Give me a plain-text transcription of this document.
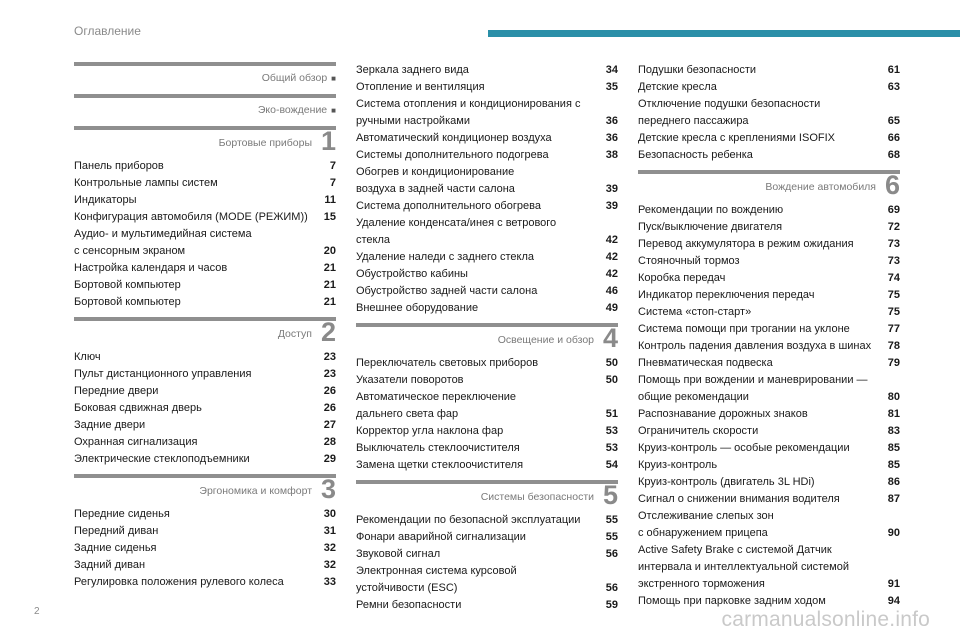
Оглавление
Общий обзор ■
Эко-вождение ■
Бортовые приборы 1
Панель приборов	7
Контрольные лампы систем	7
Индикаторы	11
Конфигурация автомобиля (MODE (РЕЖИМ))	15
Аудио- и мультимедийная система
с сенсорным экраном	20
Настройка календаря и часов	21
Бортовой компьютер	21
Бортовой компьютер	21
Доступ 2
Ключ	23
Пульт дистанционного управления	23
Передние двери	26
Боковая сдвижная дверь	26
Задние двери	27
Охранная сигнализация	28
Электрические стеклоподъемники	29
Эргономика и комфорт 3
Передние сиденья	30
Передний диван	31
Задние сиденья	32
Задний диван	32
Регулировка положения рулевого колеса	33
Зеркала заднего вида	34
Отопление и вентиляция	35
Система отопления и кондиционирования с
ручными настройками	36
Автоматический кондиционер воздуха	36
Системы дополнительного подогрева	38
Обогрев и кондиционирование
воздуха в задней части салона	39
Система дополнительного обогрева	39
Удаление конденсата/инея с ветрового стекла	42
Удаление наледи с заднего стекла	42
Обустройство кабины	42
Обустройство задней части салона	46
Внешнее оборудование	49
Освещение и обзор 4
Переключатель световых приборов	50
Указатели поворотов	50
Автоматическое переключение
дальнего света фар	51
Корректор угла наклона фар	53
Выключатель стеклоочистителя	53
Замена щетки стеклоочистителя	54
Системы безопасности 5
Рекомендации по безопасной эксплуатации	55
Фонари аварийной сигнализации	55
Звуковой сигнал	56
Электронная система курсовой
устойчивости (ESC)	56
Ремни безопасности	59
Подушки безопасности	61
Детские кресла	63
Отключение подушки безопасности
переднего пассажира	65
Детские кресла с креплениями ISOFIX	66
Безопасность ребенка	68
Вождение автомобиля 6
Рекомендации по вождению	69
Пуск/выключение двигателя	72
Перевод аккумулятора в режим ожидания	73
Стояночный тормоз	73
Коробка передач	74
Индикатор переключения передач	75
Система «стоп-старт»	75
Система помощи при трогании на уклоне	77
Контроль падения давления воздуха в шинах	78
Пневматическая подвеска	79
Помощь при вождении и маневрировании —
общие рекомендации	80
Распознавание дорожных знаков	81
Ограничитель скорости	83
Круиз-контроль — особые рекомендации	85
Круиз-контроль	85
Круиз-контроль (двигатель 3L HDi)	86
Сигнал о снижении внимания водителя	87
Отслеживание слепых зон
с обнаружением прицепа	90
Active Safety Brake с системой Датчик
интервала и интеллектуальной системой
экстренного торможения	91
Помощь при парковке задним ходом	94
2	carmanualsonline.info
